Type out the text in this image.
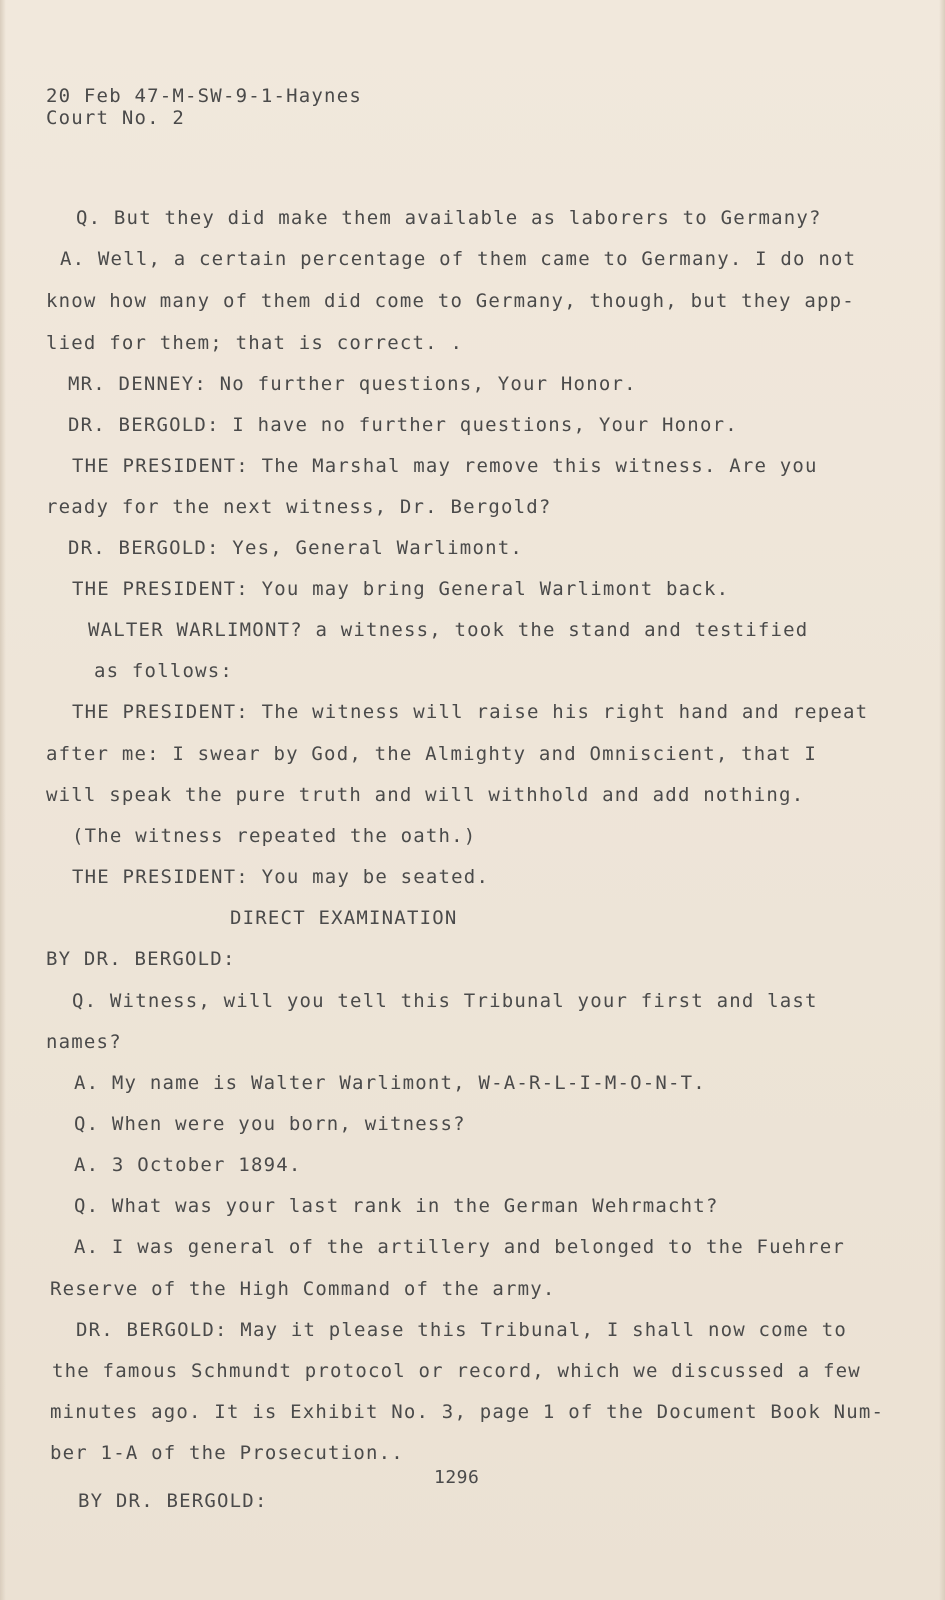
20 Feb 47-M-SW-9-1-Haynes
Court No. 2
Q. But they did make them available as laborers to Germany?
A. Well, a certain percentage of them came to Germany. I do not
know how many of them did come to Germany, though, but they app-
lied for them; that is correct. .
MR. DENNEY: No further questions, Your Honor.
DR. BERGOLD: I have no further questions, Your Honor.
THE PRESIDENT: The Marshal may remove this witness. Are you
ready for the next witness, Dr. Bergold?
DR. BERGOLD: Yes, General Warlimont.
THE PRESIDENT: You may bring General Warlimont back.
WALTER WARLIMONT? a witness, took the stand and testified
as follows:
THE PRESIDENT: The witness will raise his right hand and repeat
after me: I swear by God, the Almighty and Omniscient, that I
will speak the pure truth and will withhold and add nothing.
(The witness repeated the oath.)
THE PRESIDENT: You may be seated.
DIRECT EXAMINATION
BY DR. BERGOLD:
Q. Witness, will you tell this Tribunal your first and last
names?
A. My name is Walter Warlimont, W-A-R-L-I-M-O-N-T.
Q. When were you born, witness?
A. 3 October 1894.
Q. What was your last rank in the German Wehrmacht?
A. I was general of the artillery and belonged to the Fuehrer
Reserve of the High Command of the army.
DR. BERGOLD: May it please this Tribunal, I shall now come to
the famous Schmundt protocol or record, which we discussed a few
minutes ago. It is Exhibit No. 3, page 1 of the Document Book Num-
ber 1-A of the Prosecution..
1296
BY DR. BERGOLD:
